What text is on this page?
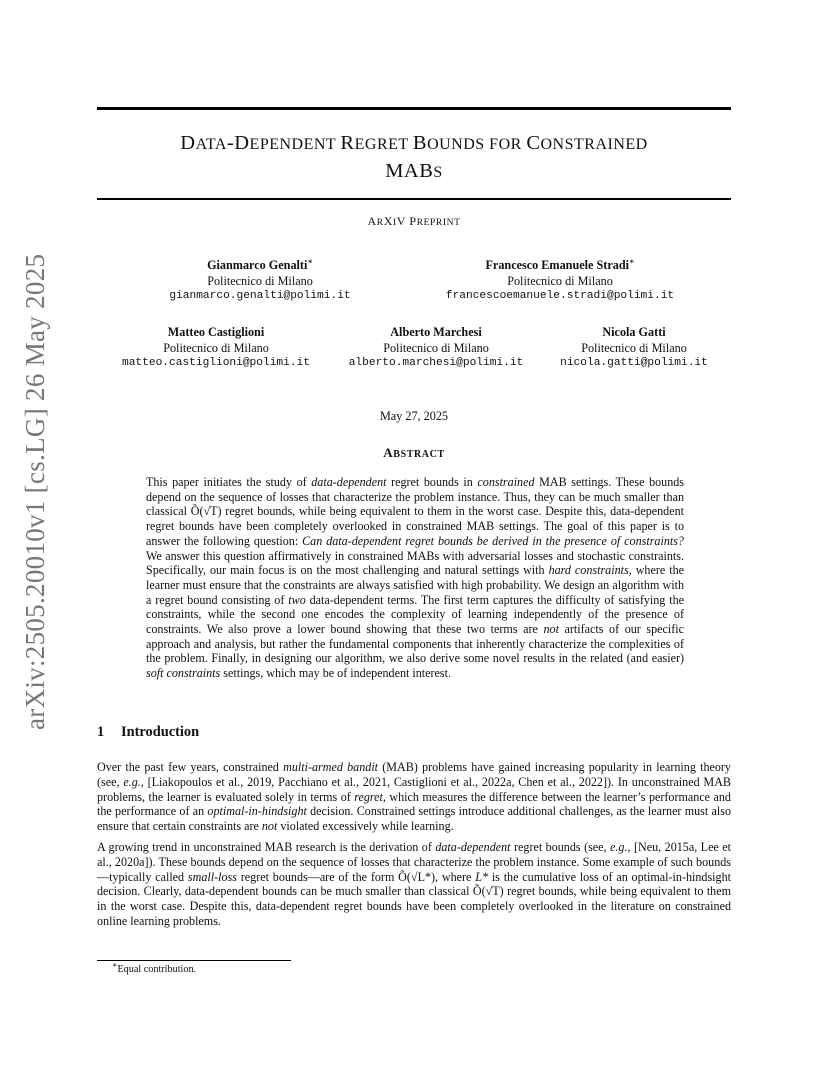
arXiv:2505.20010v1 [cs.LG] 26 May 2025
DATA-DEPENDENT REGRET BOUNDS FOR CONSTRAINED
MABS
ARXIV PREPRINT
Gianmarco Genalti∗
Politecnico di Milano
gianmarco.genalti@polimi.it
Francesco Emanuele Stradi∗
Politecnico di Milano
francescoemanuele.stradi@polimi.it
Matteo Castiglioni
Politecnico di Milano
matteo.castiglioni@polimi.it
Alberto Marchesi
Politecnico di Milano
alberto.marchesi@polimi.it
Nicola Gatti
Politecnico di Milano
nicola.gatti@polimi.it
May 27, 2025
ABSTRACT

This paper initiates the study of data-dependent regret bounds in constrained MAB settings. These bounds depend on the sequence of losses that characterize the problem instance. Thus, they can be much smaller than classical Õ(√T) regret bounds, while being equivalent to them in the worst case. Despite this, data-dependent regret bounds have been completely overlooked in constrained MAB settings. The goal of this paper is to answer the following question: Can data-dependent regret bounds be derived in the presence of constraints? We answer this question affirmatively in constrained MABs with adversarial losses and stochastic constraints. Specifically, our main focus is on the most challenging and natural settings with hard constraints, where the learner must ensure that the constraints are always satisfied with high probability. We design an algorithm with a regret bound consisting of two data-dependent terms. The first term captures the difficulty of satisfying the constraints, while the second one encodes the complexity of learning independently of the presence of constraints. We also prove a lower bound showing that these two terms are not artifacts of our specific approach and analysis, but rather the fundamental components that inherently characterize the complexities of the problem. Finally, in designing our algorithm, we also derive some novel results in the related (and easier) soft constraints settings, which may be of independent interest.

1 Introduction

Over the past few years, constrained multi-armed bandit (MAB) problems have gained increasing popularity in learning theory (see, e.g., [Liakopoulos et al., 2019, Pacchiano et al., 2021, Castiglioni et al., 2022a, Chen et al., 2022]). In unconstrained MAB problems, the learner is evaluated solely in terms of regret, which measures the difference between the learner’s performance and the performance of an optimal-in-hindsight decision. Constrained settings introduce additional challenges, as the learner must also ensure that certain constraints are not violated excessively while learning.

A growing trend in unconstrained MAB research is the derivation of data-dependent regret bounds (see, e.g., [Neu, 2015a, Lee et al., 2020a]). These bounds depend on the sequence of losses that characterize the problem instance. Some example of such bounds—typically called small-loss regret bounds—are of the form Õ(√L*), where L* is the cumulative loss of an optimal-in-hindsight decision. Clearly, data-dependent bounds can be much smaller than classical Õ(√T) regret bounds, while being equivalent to them in the worst case. Despite this, data-dependent regret bounds have been completely overlooked in the literature on constrained online learning problems.

∗Equal contribution.
